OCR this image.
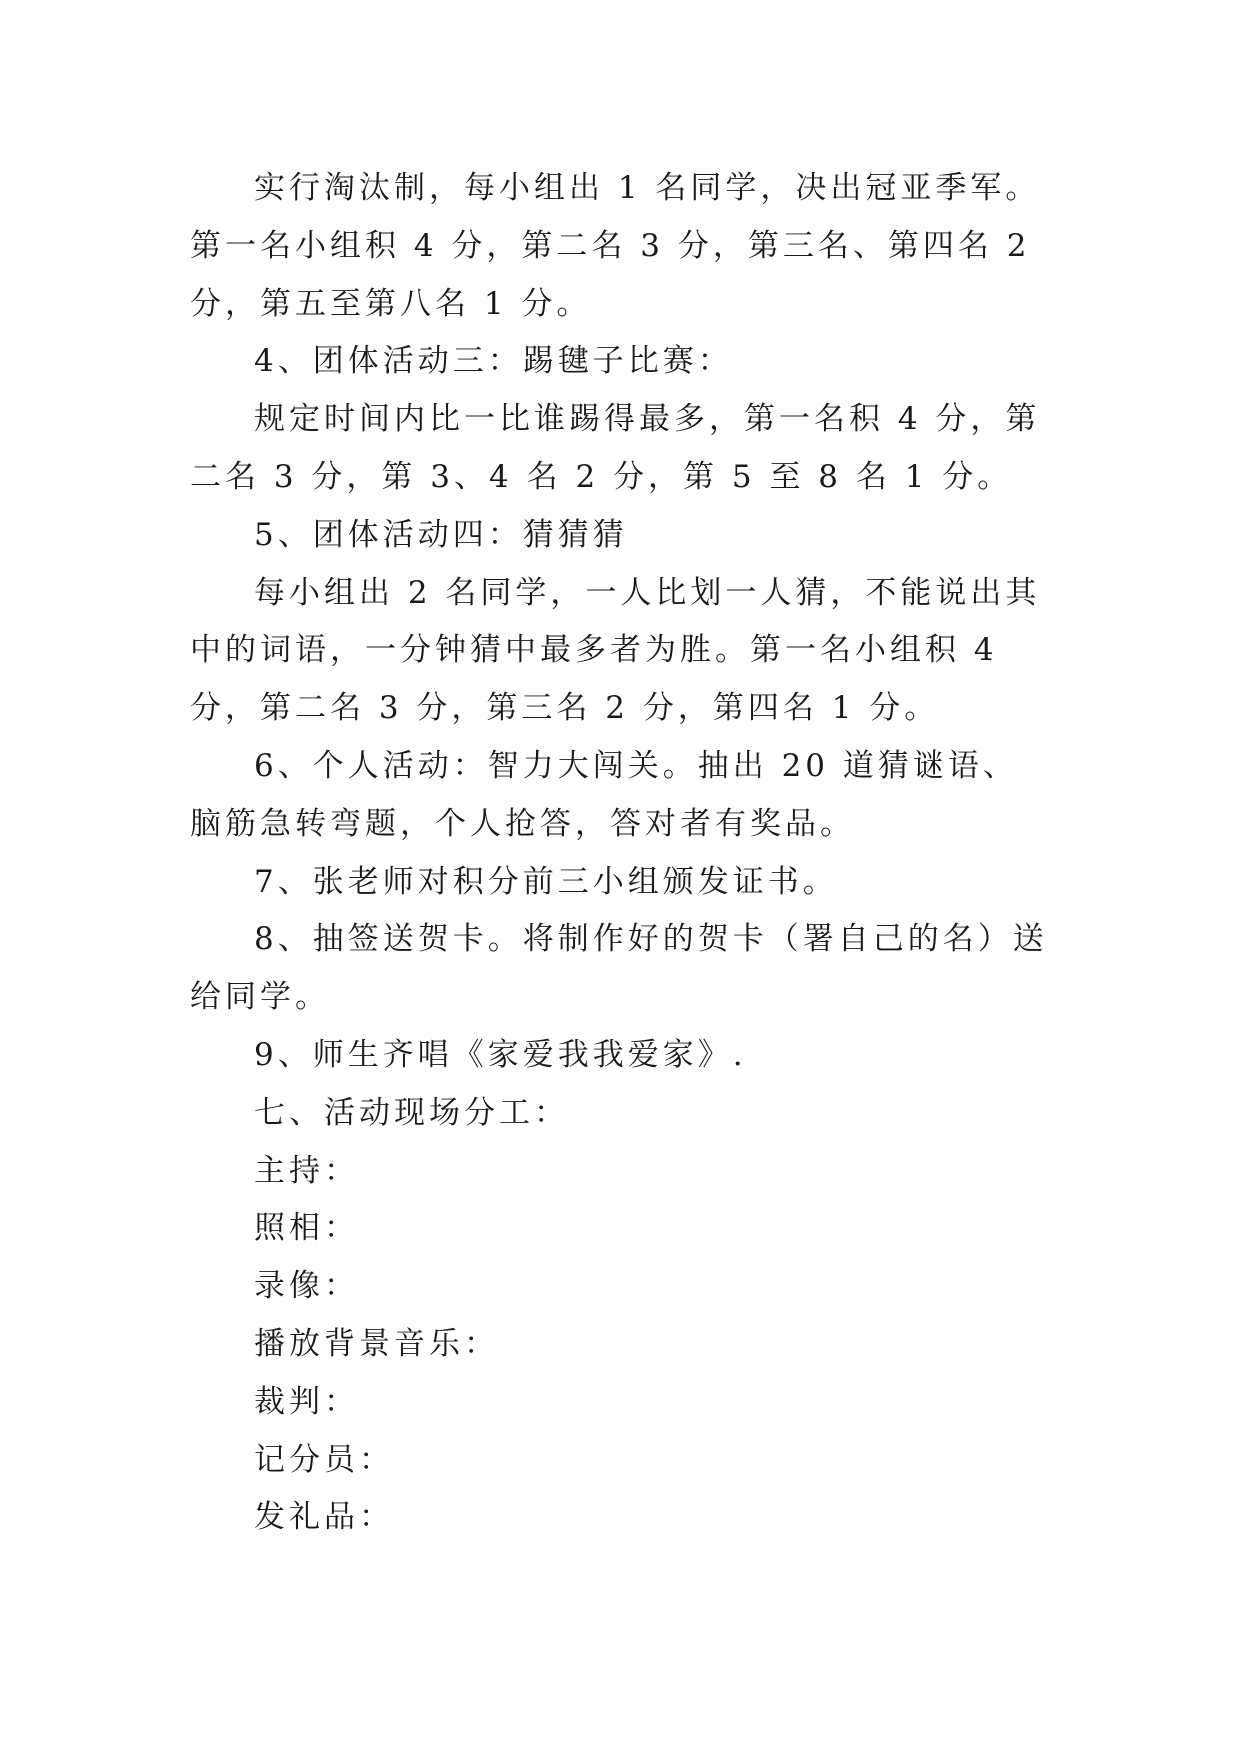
实行淘汰制，每小组出 1 名同学，决出冠亚季军。第一名小组积 4 分，第二名 3 分，第三名、第四名 2 分，第五至第八名 1 分。

4、团体活动三：踢毽子比赛：

规定时间内比一比谁踢得最多，第一名积 4 分，第二名 3 分，第 3、4 名 2 分，第 5 至 8 名 1 分。

5、团体活动四：猜猜猜

每小组出 2 名同学，一人比划一人猜，不能说出其中的词语，一分钟猜中最多者为胜。第一名小组积 4 分，第二名 3 分，第三名 2 分，第四名 1 分。

6、个人活动：智力大闯关。抽出 20 道猜谜语、脑筋急转弯题，个人抢答，答对者有奖品。

7、张老师对积分前三小组颁发证书。

8、抽签送贺卡。将制作好的贺卡（署自己的名）送给同学。

9、师生齐唱《家爱我我爱家》.

七、活动现场分工：

主持：

照相：

录像：

播放背景音乐：

裁判：

记分员：

发礼品：
